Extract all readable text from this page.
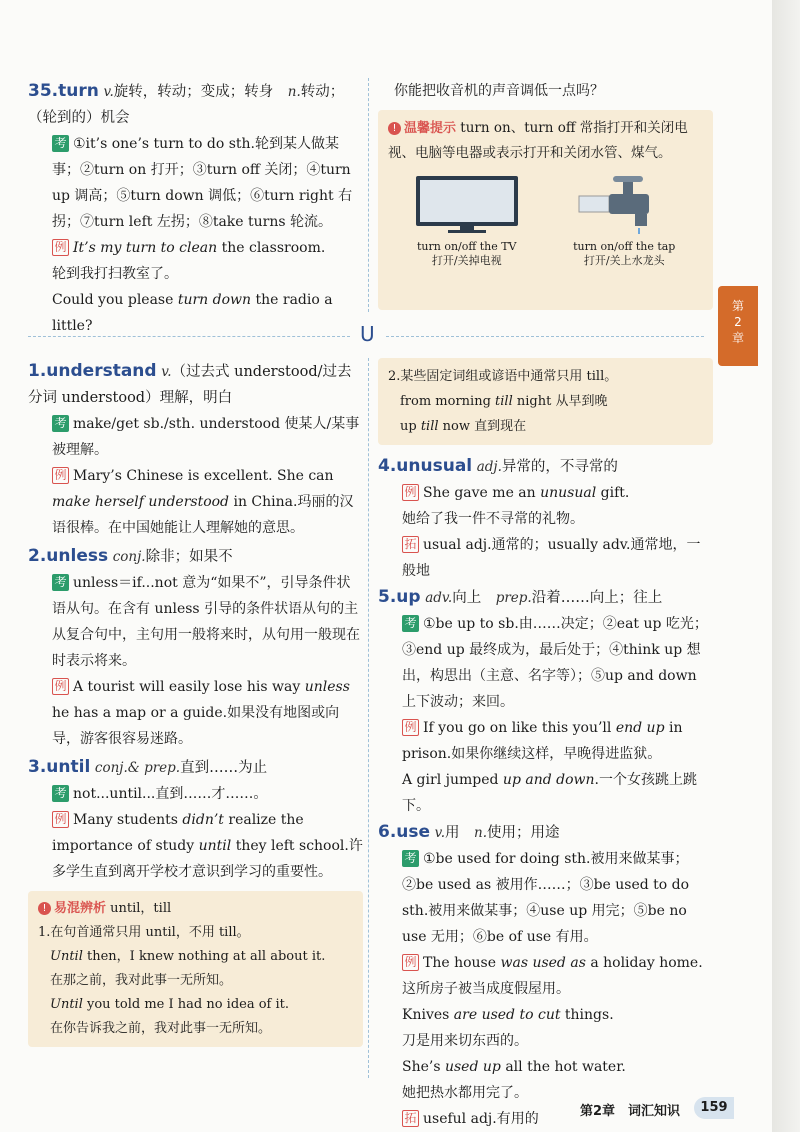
35.turn v.旋转，转动；变成；转身　n.转动；（轮到的）机会
考 ①it’s one’s turn to do sth.轮到某人做某事；②turn on 打开；③turn off 关闭；④turn up 调高；⑤turn down 调低；⑥turn right 右拐；⑦turn left 左拐；⑧take turns 轮流。
例 It’s my turn to clean the classroom.
轮到我打扫教室了。
Could you please turn down the radio a little?
你能把收音机的声音调低一点吗？
! 温馨提示 turn on、turn off 常指打开和关闭电视、电脑等电器或表示打开和关闭水管、煤气。
turn on/off the TV
打开/关掉电视
turn on/off the tap
打开/关上水龙头
U
第
2
章
1.understand v.（过去式 understood/过去分词 understood）理解，明白
考 make/get sb./sth. understood 使某人/某事被理解。
例 Mary’s Chinese is excellent. She can make herself understood in China.玛丽的汉语很棒。在中国她能让人理解她的意思。
2.unless conj.除非；如果不
考 unless＝if...not 意为“如果不”，引导条件状语从句。在含有 unless 引导的条件状语从句的主从复合句中，主句用一般将来时，从句用一般现在时表示将来。
例 A tourist will easily lose his way unless he has a map or a guide.如果没有地图或向导，游客很容易迷路。
3.until conj.& prep.直到……为止
考 not...until...直到……才……。
例 Many students didn’t realize the importance of study until they left school.许多学生直到离开学校才意识到学习的重要性。
! 易混辨析 until，till
1.在句首通常只用 until，不用 till。
Until then，I knew nothing at all about it.
在那之前，我对此事一无所知。
Until you told me I had no idea of it.
在你告诉我之前，我对此事一无所知。
2.某些固定词组或谚语中通常只用 till。
from morning till night 从早到晚
up till now 直到现在
4.unusual adj.异常的，不寻常的
例 She gave me an unusual gift.
她给了我一件不寻常的礼物。
拓 usual adj.通常的；usually adv.通常地，一般地
5.up adv.向上　prep.沿着……向上；往上
考 ①be up to sb.由……决定；②eat up 吃光；③end up 最终成为，最后处于；④think up 想出，构思出（主意、名字等）；⑤up and down 上下波动；来回。
例 If you go on like this you’ll end up in prison.如果你继续这样，早晚得进监狱。
A girl jumped up and down.一个女孩跳上跳下。
6.use v.用　n.使用；用途
考 ①be used for doing sth.被用来做某事；②be used as 被用作……；③be used to do sth.被用来做某事；④use up 用完；⑤be no use 无用；⑥be of use 有用。
例 The house was used as a holiday home.
这所房子被当成度假屋用。
Knives are used to cut things.
刀是用来切东西的。
She’s used up all the hot water.
她把热水都用完了。
拓 useful adj.有用的	第2章　词汇知识	159
